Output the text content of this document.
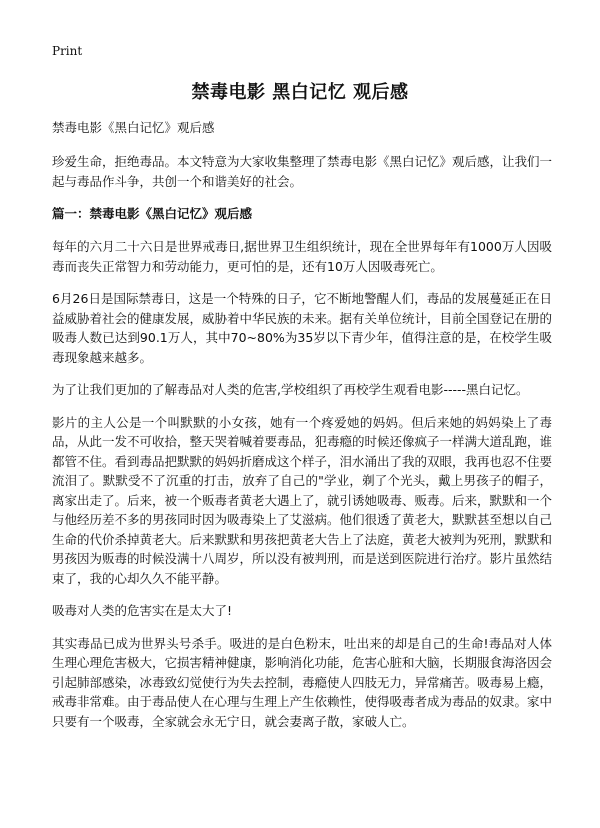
Print
禁毒电影 黑白记忆 观后感

禁毒电影《黑白记忆》观后感

珍爱生命，拒绝毒品。本文特意为大家收集整理了禁毒电影《黑白记忆》观后感，让我们一起与毒品作斗争，共创一个和谐美好的社会。

篇一：禁毒电影《黑白记忆》观后感

每年的六月二十六日是世界戒毒日,据世界卫生组织统计，现在全世界每年有1000万人因吸毒而丧失正常智力和劳动能力，更可怕的是，还有10万人因吸毒死亡。

6月26日是国际禁毒日，这是一个特殊的日子，它不断地警醒人们，毒品的发展蔓延正在日益威胁着社会的健康发展，威胁着中华民族的未来。据有关单位统计，目前全国登记在册的吸毒人数已达到90.1万人，其中70~80%为35岁以下青少年，值得注意的是，在校学生吸毒现象越来越多。

为了让我们更加的了解毒品对人类的危害,学校组织了再校学生观看电影-----黑白记忆。

影片的主人公是一个叫默默的小女孩，她有一个疼爱她的妈妈。但后来她的妈妈染上了毒品，从此一发不可收拾，整天哭着喊着要毒品，犯毒瘾的时候还像疯子一样满大道乱跑，谁都管不住。看到毒品把默默的妈妈折磨成这个样子，泪水涌出了我的双眼，我再也忍不住要流泪了。默默受不了沉重的打击，放弃了自己的"学业，剃了个光头，戴上男孩子的帽子，离家出走了。后来，被一个贩毒者黄老大遇上了，就引诱她吸毒、贩毒。后来，默默和一个与他经历差不多的男孩同时因为吸毒染上了艾滋病。他们很透了黄老大，默默甚至想以自己生命的代价杀掉黄老大。后来默默和男孩把黄老大告上了法庭，黄老大被判为死刑，默默和男孩因为贩毒的时候没满十八周岁，所以没有被判刑，而是送到医院进行治疗。影片虽然结束了，我的心却久久不能平静。

吸毒对人类的危害实在是太大了!

其实毒品已成为世界头号杀手。吸进的是白色粉末，吐出来的却是自己的生命!毒品对人体生理心理危害极大，它损害精神健康，影响消化功能，危害心脏和大脑，长期服食海洛因会引起肺部感染，冰毒致幻觉使行为失去控制，毒瘾使人四肢无力，异常痛苦。吸毒易上瘾，戒毒非常难。由于毒品使人在心理与生理上产生依赖性，使得吸毒者成为毒品的奴隶。家中只要有一个吸毒，全家就会永无宁日，就会妻离子散，家破人亡。
